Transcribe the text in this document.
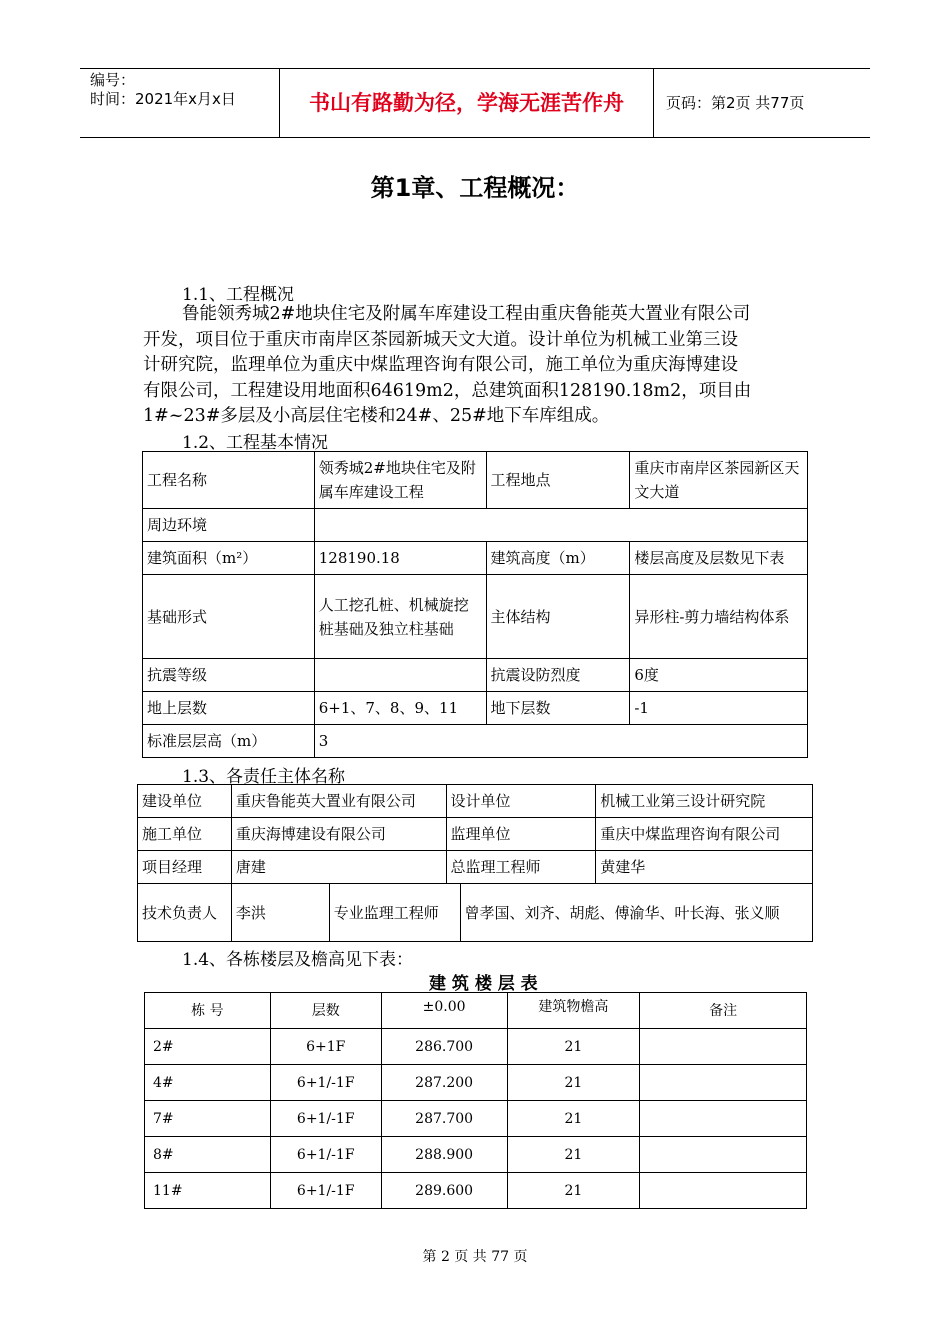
编号：
时间：2021年x月x日	书山有路勤为径，学海无涯苦作舟	页码：第2页 共77页
第1章、工程概况：
1.1、工程概况
鲁能领秀城2#地块住宅及附属车库建设工程由重庆鲁能英大置业有限公司
开发，项目位于重庆市南岸区茶园新城天文大道。设计单位为机械工业第三设
计研究院，监理单位为重庆中煤监理咨询有限公司，施工单位为重庆海博建设
有限公司，工程建设用地面积64619m2，总建筑面积128190.18m2，项目由
1#~23#多层及小高层住宅楼和24#、25#地下车库组成。
1.2、工程基本情况
工程名称	领秀城2#地块住宅及附属车库建设工程	工程地点	重庆市南岸区茶园新区天文大道
周边环境			
建筑面积（m²）	128190.18	建筑高度（m）	楼层高度及层数见下表
基础形式	人工挖孔桩、机械旋挖桩基础及独立柱基础	主体结构	异形柱-剪力墙结构体系
抗震等级		抗震设防烈度	6度
地上层数	6+1、7、8、9、11	地下层数	-1
标准层层高（m）	3		
1.3、各责任主体名称
建设单位	重庆鲁能英大置业有限公司		设计单位		机械工业第三设计研究院
施工单位	重庆海博建设有限公司		监理单位		重庆中煤监理咨询有限公司
项目经理	唐建		总监理工程师		黄建华
技术负责人	李洪	专业监理工程师		曾孝国、刘齐、胡彪、傅渝华、叶长海、张义顺	
1.4、各栋楼层及檐高见下表：
建 筑 楼 层 表
栋 号	层数	±0.00	建筑物檐高	备注
2#	6+1F	286.700	21	
4#	6+1/-1F	287.200	21	
7#	6+1/-1F	287.700	21	
8#	6+1/-1F	288.900	21	
11#	6+1/-1F	289.600	21	
第 2 页 共 77 页
